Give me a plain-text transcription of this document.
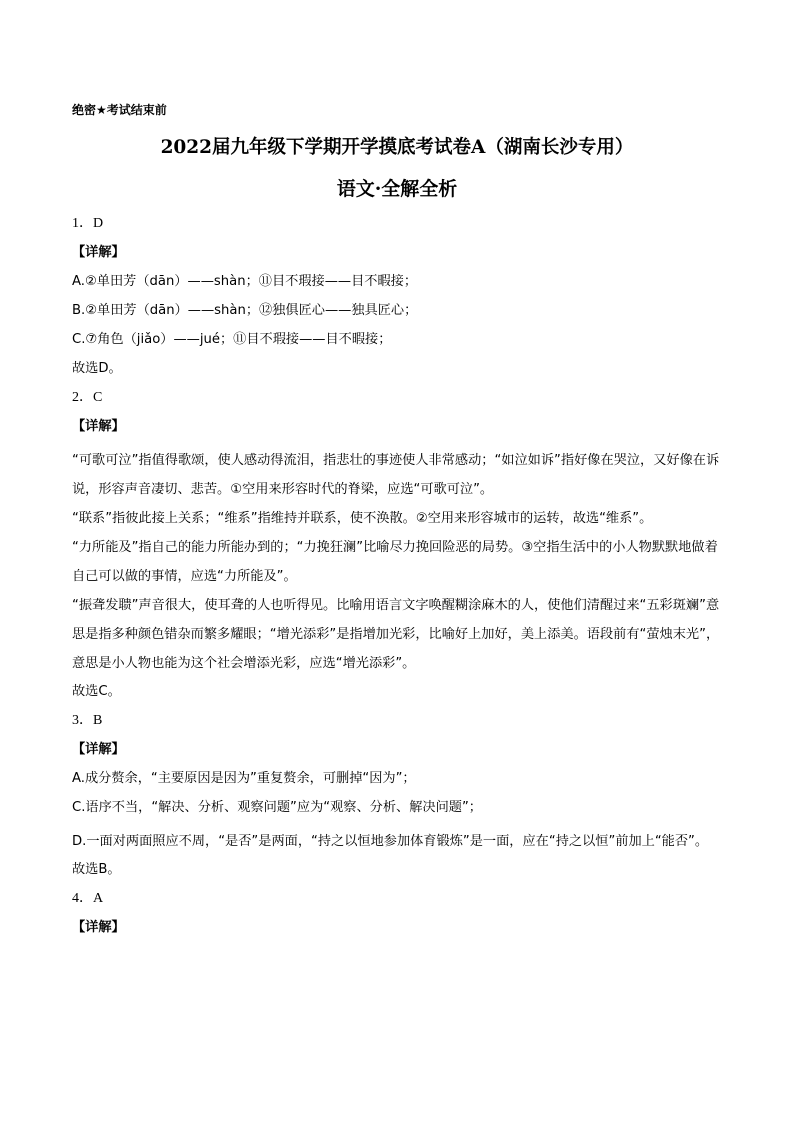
绝密★考试结束前
2022届九年级下学期开学摸底考试卷A（湖南长沙专用）
语文·全解全析
1．D
【详解】
A.②单田芳（dān）——shàn；⑪目不瑕接——目不暇接；
B.②单田芳（dān）——shàn；⑫独俱匠心——独具匠心；
C.⑦角色（jiǎo）——jué；⑪目不瑕接——目不暇接；
故选D。
2．C
【详解】
“可歌可泣”指值得歌颂，使人感动得流泪，指悲壮的事迹使人非常感动；“如泣如诉”指好像在哭泣，又好像在诉说，形容声音凄切、悲苦。①空用来形容时代的脊梁，应选“可歌可泣”。
“联系”指彼此接上关系；“维系”指维持并联系，使不涣散。②空用来形容城市的运转，故选“维系”。
“力所能及”指自己的能力所能办到的；“力挽狂澜”比喻尽力挽回险恶的局势。③空指生活中的小人物默默地做着自己可以做的事情，应选“力所能及”。
“振聋发聩”声音很大，使耳聋的人也听得见。比喻用语言文字唤醒糊涂麻木的人，使他们清醒过来“五彩斑斓”意思是指多种颜色错杂而繁多耀眼；“增光添彩”是指增加光彩，比喻好上加好，美上添美。语段前有“萤烛末光”，意思是小人物也能为这个社会增添光彩，应选“增光添彩”。
故选C。
3．B
【详解】
A.成分赘余，“主要原因是因为”重复赘余，可删掉“因为”；
C.语序不当，“解决、分析、观察问题”应为“观察、分析、解决问题”；
D.一面对两面照应不周，“是否”是两面，“持之以恒地参加体育锻炼”是一面，应在“持之以恒”前加上“能否”。
故选B。
4．A
【详解】
